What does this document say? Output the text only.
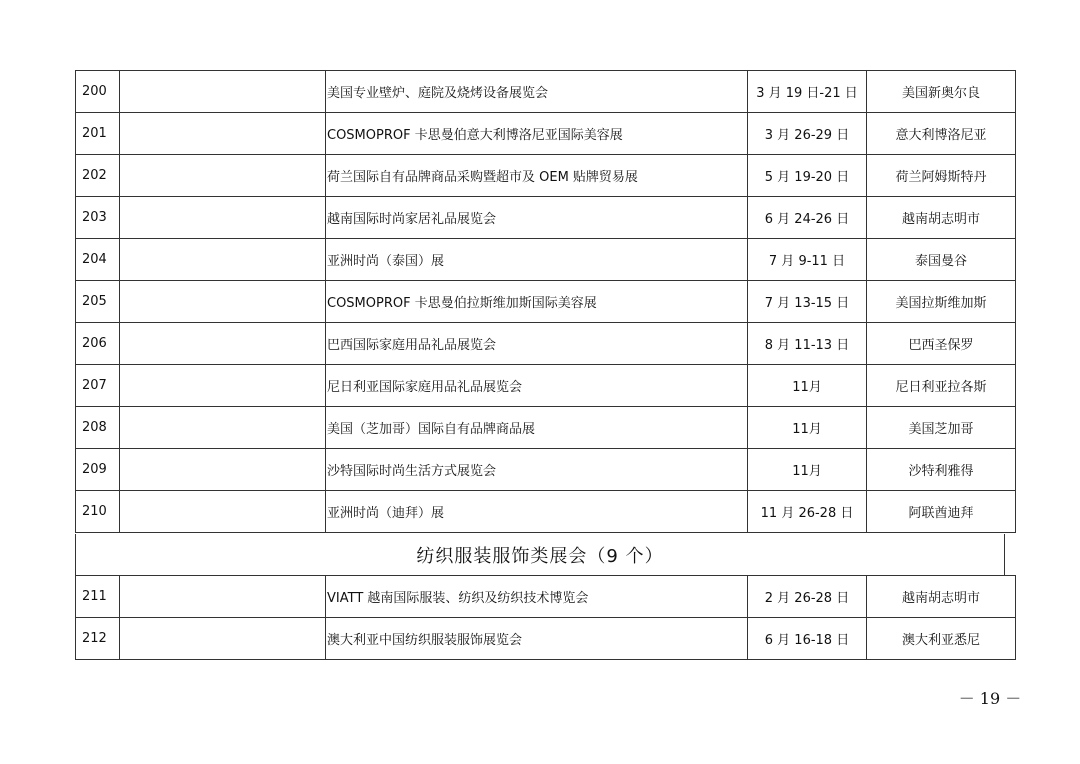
200		美国专业壁炉、庭院及烧烤设备展览会	3 月 19 日-21 日	美国新奥尔良
201		COSMOPROF 卡思曼伯意大利博洛尼亚国际美容展	3 月 26-29 日	意大利博洛尼亚
202		荷兰国际自有品牌商品采购暨超市及 OEM 贴牌贸易展	5 月 19-20 日	荷兰阿姆斯特丹
203		越南国际时尚家居礼品展览会	6 月 24-26 日	越南胡志明市
204		亚洲时尚（泰国）展	7 月 9-11 日	泰国曼谷
205		COSMOPROF 卡思曼伯拉斯维加斯国际美容展	7 月 13-15 日	美国拉斯维加斯
206		巴西国际家庭用品礼品展览会	8 月 11-13 日	巴西圣保罗
207		尼日利亚国际家庭用品礼品展览会	11月	尼日利亚拉各斯
208		美国（芝加哥）国际自有品牌商品展	11月	美国芝加哥
209		沙特国际时尚生活方式展览会	11月	沙特利雅得
210		亚洲时尚（迪拜）展	11 月 26-28 日	阿联酋迪拜
纺织服装服饰类展会（9 个）
211		VIATT 越南国际服装、纺织及纺织技术博览会	2 月 26-28 日	越南胡志明市
212		澳大利亚中国纺织服装服饰展览会	6 月 16-18 日	澳大利亚悉尼
－ 19 －
